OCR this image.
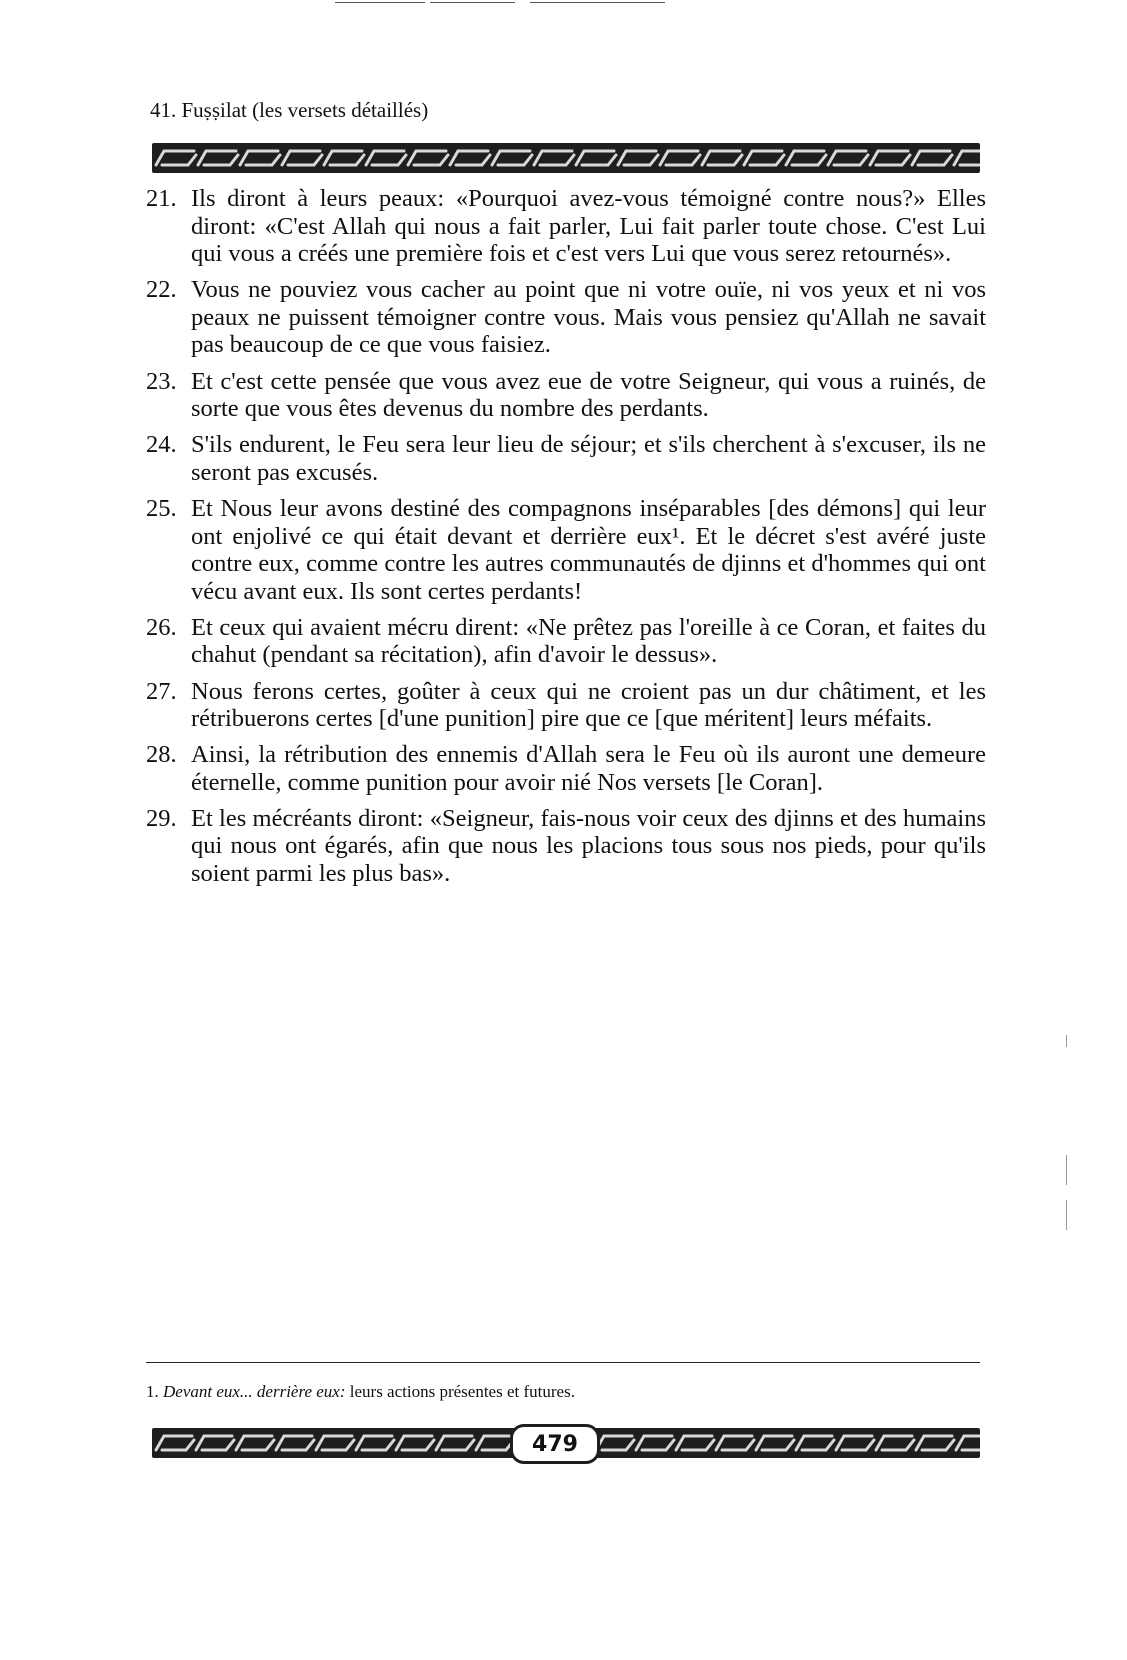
41. Fuṣṣilat (les versets détaillés)
21. Ils diront à leurs peaux: «Pourquoi avez-vous témoigné contre nous?» Elles diront: «C'est Allah qui nous a fait parler, Lui fait parler toute chose. C'est Lui qui vous a créés une première fois et c'est vers Lui que vous serez retournés».
22. Vous ne pouviez vous cacher au point que ni votre ouïe, ni vos yeux et ni vos peaux ne puissent témoigner contre vous. Mais vous pensiez qu'Allah ne savait pas beaucoup de ce que vous faisiez.
23. Et c'est cette pensée que vous avez eue de votre Seigneur, qui vous a ruinés, de sorte que vous êtes devenus du nombre des perdants.
24. S'ils endurent, le Feu sera leur lieu de séjour; et s'ils cherchent à s'excuser, ils ne seront pas excusés.
25. Et Nous leur avons destiné des compagnons inséparables [des démons] qui leur ont enjolivé ce qui était devant et derrière eux¹. Et le décret s'est avéré juste contre eux, comme contre les autres communautés de djinns et d'hommes qui ont vécu avant eux. Ils sont certes perdants!
26. Et ceux qui avaient mécru dirent: «Ne prêtez pas l'oreille à ce Coran, et faites du chahut (pendant sa récitation), afin d'avoir le dessus».
27. Nous ferons certes, goûter à ceux qui ne croient pas un dur châtiment, et les rétribuerons certes [d'une punition] pire que ce [que méritent] leurs méfaits.
28. Ainsi, la rétribution des ennemis d'Allah sera le Feu où ils auront une demeure éternelle, comme punition pour avoir nié Nos versets [le Coran].
29. Et les mécréants diront: «Seigneur, fais-nous voir ceux des djinns et des humains qui nous ont égarés, afin que nous les placions tous sous nos pieds, pour qu'ils soient parmi les plus bas».
1. Devant eux... derrière eux: leurs actions présentes et futures.
479
